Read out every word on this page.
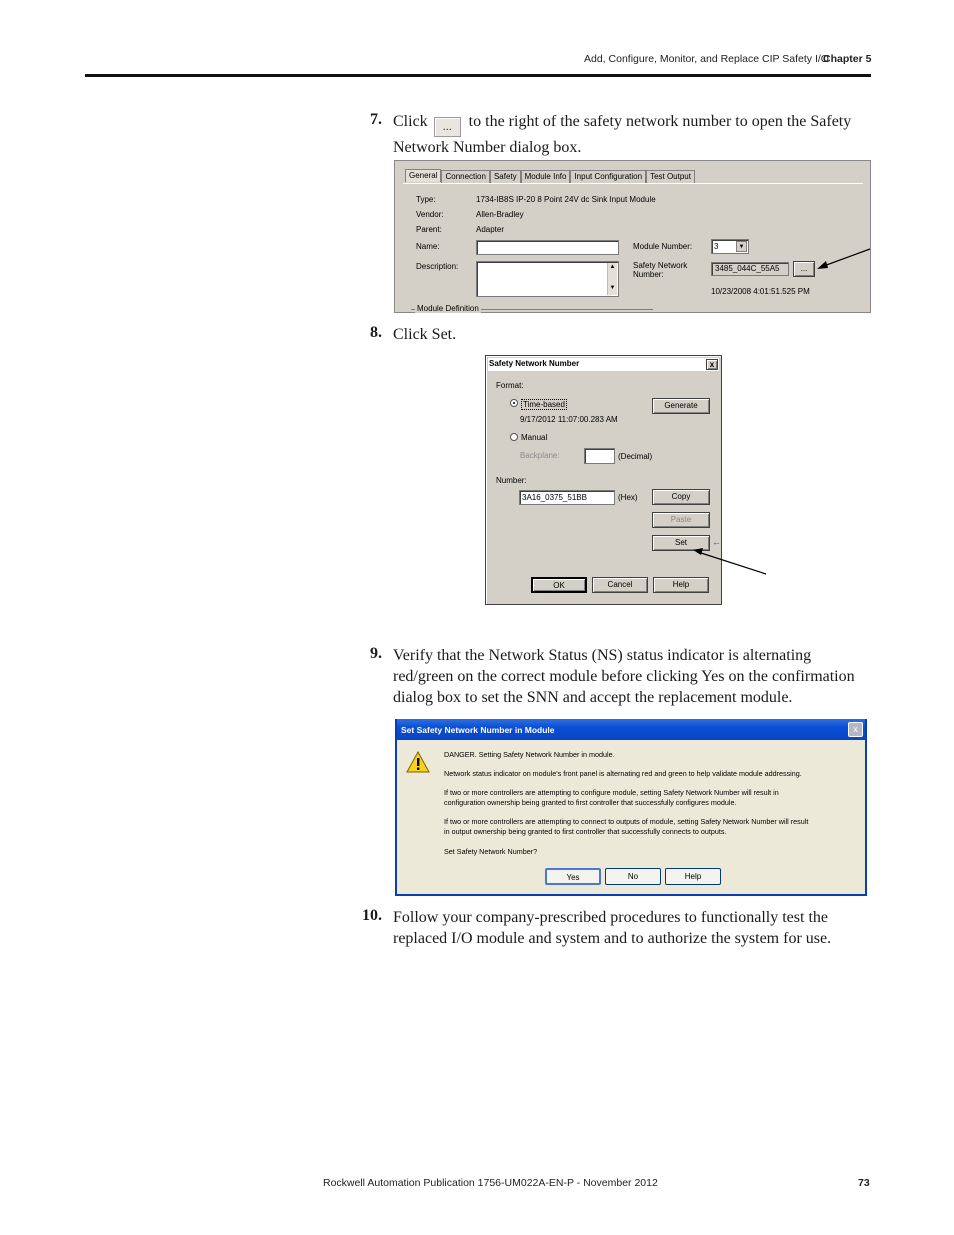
Add, Configure, Monitor, and Replace CIP Safety I/O
Chapter 5
7. Click ... to the right of the safety network number to open the Safety
Network Number dialog box.
General	Connection	Safety	Module Info	Input Configuration	Test Output
Type:	1734-IB8S IP-20 8 Point 24V dc Sink Input Module
Vendor:	Allen-Bradley
Parent:	Adapter
Name:
Description:	▲
▼
Module Number:	3	▼
Safety Network
Number:
3485_044C_55A5	...
10/23/2008 4:01:51.525 PM
Module Definition
8. Click Set.
Safety Network Number	x
Format:
Time-based
9/17/2012 11:07:00.283 AM
Generate
Manual
Backplane:	(Decimal)
Number:
3A16_0375_51BB	(Hex)	Copy
Paste
Set	←
OK	Cancel	Help
9. Verify that the Network Status (NS) status indicator is alternating
red/green on the correct module before clicking Yes on the confirmation
dialog box to set the SNN and accept the replacement module.
Set Safety Network Number in Module	x
DANGER. Setting Safety Network Number in module.
Network status indicator on module's front panel is alternating red and green to help validate module addressing.
If two or more controllers are attempting to configure module, setting Safety Network Number will result in
configuration ownership being granted to first controller that successfully configures module.
If two or more controllers are attempting to connect to outputs of module, setting Safety Network Number will result
in output ownership being granted to first controller that successfully connects to outputs.
Set Safety Network Number?
Yes	No	Help
10. Follow your company-prescribed procedures to functionally test the
replaced I/O module and system and to authorize the system for use.
Rockwell Automation Publication 1756-UM022A-EN-P - November 2012	73
